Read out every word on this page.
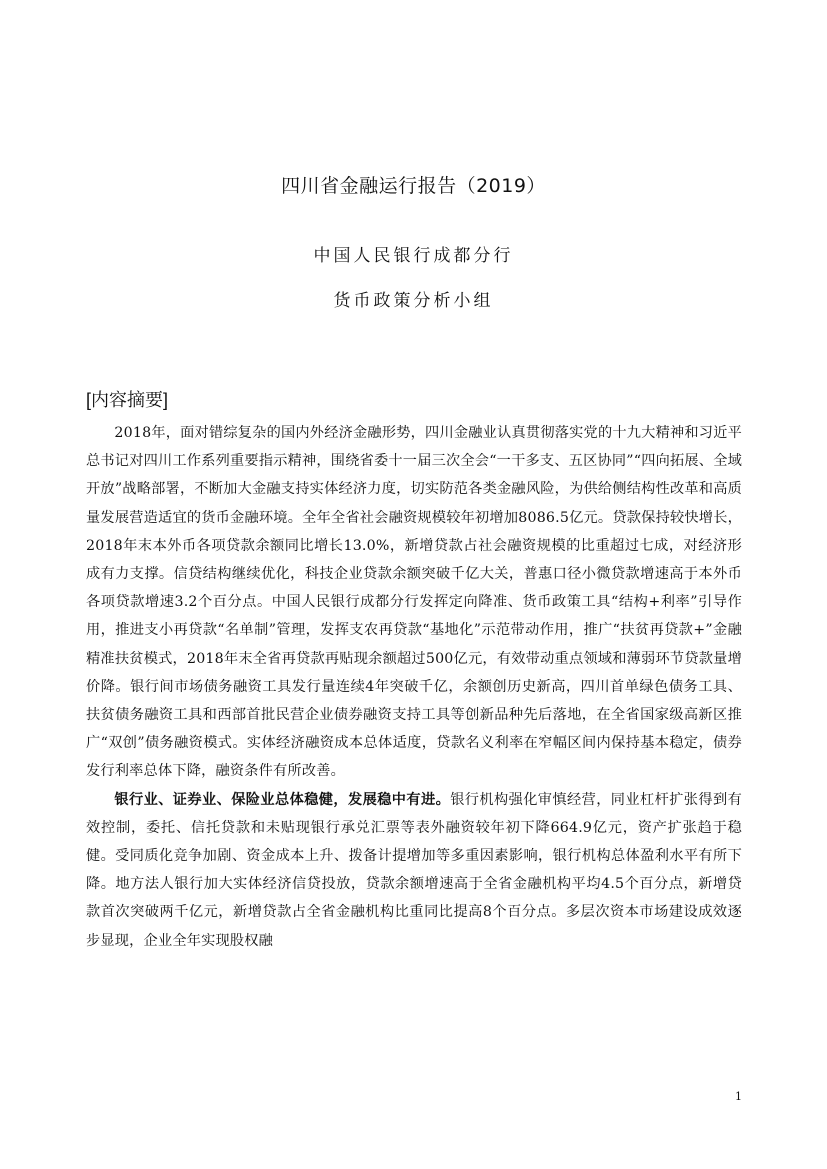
四川省金融运行报告（2019）
中国人民银行成都分行
货币政策分析小组
[内容摘要]

2018年，面对错综复杂的国内外经济金融形势，四川金融业认真贯彻落实党的十九大精神和习近平总书记对四川工作系列重要指示精神，围绕省委十一届三次全会“一干多支、五区协同”“四向拓展、全域开放”战略部署，不断加大金融支持实体经济力度，切实防范各类金融风险，为供给侧结构性改革和高质量发展营造适宜的货币金融环境。全年全省社会融资规模较年初增加8086.5亿元。贷款保持较快增长，2018年末本外币各项贷款余额同比增长13.0%，新增贷款占社会融资规模的比重超过七成，对经济形成有力支撑。信贷结构继续优化，科技企业贷款余额突破千亿大关，普惠口径小微贷款增速高于本外币各项贷款增速3.2个百分点。中国人民银行成都分行发挥定向降准、货币政策工具“结构+利率”引导作用，推进支小再贷款“名单制”管理，发挥支农再贷款“基地化”示范带动作用，推广“扶贫再贷款+”金融精准扶贫模式，2018年末全省再贷款再贴现余额超过500亿元，有效带动重点领域和薄弱环节贷款量增价降。银行间市场债务融资工具发行量连续4年突破千亿，余额创历史新高，四川首单绿色债务工具、扶贫债务融资工具和西部首批民营企业债券融资支持工具等创新品种先后落地，在全省国家级高新区推广“双创”债务融资模式。实体经济融资成本总体适度，贷款名义利率在窄幅区间内保持基本稳定，债券发行利率总体下降，融资条件有所改善。

银行业、证券业、保险业总体稳健，发展稳中有进。银行机构强化审慎经营，同业杠杆扩张得到有效控制，委托、信托贷款和未贴现银行承兑汇票等表外融资较年初下降664.9亿元，资产扩张趋于稳健。受同质化竞争加剧、资金成本上升、拨备计提增加等多重因素影响，银行机构总体盈利水平有所下降。地方法人银行加大实体经济信贷投放，贷款余额增速高于全省金融机构平均4.5个百分点，新增贷款首次突破两千亿元，新增贷款占全省金融机构比重同比提高8个百分点。多层次资本市场建设成效逐步显现，企业全年实现股权融

1
